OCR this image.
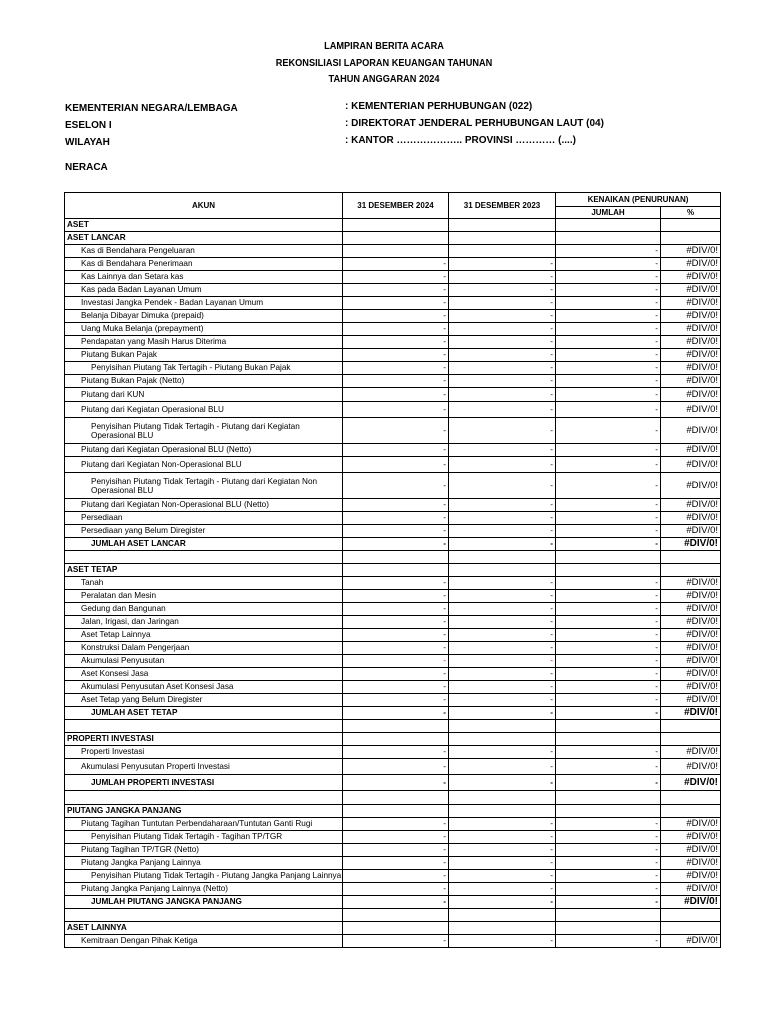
LAMPIRAN BERITA ACARA
REKONSILIASI LAPORAN KEUANGAN TAHUNAN
TAHUN ANGGARAN 2024
KEMENTERIAN NEGARA/LEMBAGA	: KEMENTERIAN PERHUBUNGAN (022)
ESELON I	: DIREKTORAT JENDERAL PERHUBUNGAN LAUT (04)
WILAYAH	: KANTOR ……………….. PROVINSI ………… (....)
NERACA
AKUN	31 DESEMBER 2024	31 DESEMBER 2023	KENAIKAN (PENURUNAN)	
			JUMLAH	%
ASET				
ASET LANCAR				
Kas di Bendahara Pengeluaran			-	#DIV/0!
Kas di Bendahara Penerimaan	-	-	-	#DIV/0!
Kas Lainnya dan Setara kas	-	-	-	#DIV/0!
Kas pada Badan Layanan Umum	-	-	-	#DIV/0!
Investasi Jangka Pendek - Badan Layanan Umum	-	-	-	#DIV/0!
Belanja Dibayar Dimuka (prepaid)	-	-	-	#DIV/0!
Uang Muka Belanja (prepayment)	-	-	-	#DIV/0!
Pendapatan yang Masih Harus Diterima	-	-	-	#DIV/0!
Piutang Bukan Pajak	-	-	-	#DIV/0!
Penyisihan Piutang Tak Tertagih - Piutang Bukan Pajak	-	-	-	#DIV/0!
Piutang Bukan Pajak (Netto)	-	-	-	#DIV/0!
Piutang dari KUN	-	-	-	#DIV/0!
Piutang dari Kegiatan Operasional BLU	-	-	-	#DIV/0!
Penyisihan Piutang Tidak Tertagih - Piutang dari Kegiatan Operasional BLU	-	-	-	#DIV/0!
Piutang dari Kegiatan Operasional BLU (Netto)	-	-	-	#DIV/0!
Piutang dari Kegiatan Non-Operasional BLU	-	-	-	#DIV/0!
Penyisihan Piutang Tidak Tertagih - Piutang dari Kegiatan Non Operasional BLU	-	-	-	#DIV/0!
Piutang dari Kegiatan Non-Operasional BLU (Netto)	-	-	-	#DIV/0!
Persediaan	-	-	-	#DIV/0!
Persediaan yang Belum Diregister	-	-	-	#DIV/0!
JUMLAH ASET LANCAR	-	-	-	#DIV/0!

ASET TETAP				
Tanah	-	-	-	#DIV/0!
Peralatan dan Mesin	-	-	-	#DIV/0!
Gedung dan Bangunan	-	-	-	#DIV/0!
Jalan, Irigasi, dan Jaringan	-	-	-	#DIV/0!
Aset Tetap Lainnya	-	-	-	#DIV/0!
Konstruksi Dalam Pengerjaan	-	-	-	#DIV/0!
Akumulasi Penyusutan	-	-	-	#DIV/0!
Aset Konsesi Jasa	-	-	-	#DIV/0!
Akumulasi Penyusutan Aset Konsesi Jasa	-	-	-	#DIV/0!
Aset Tetap yang Belum Diregister	-	-	-	#DIV/0!
JUMLAH ASET TETAP	-	-	-	#DIV/0!

PROPERTI INVESTASI				
Properti Investasi	-	-	-	#DIV/0!
Akumulasi Penyusutan Properti Investasi	-	-	-	#DIV/0!
JUMLAH PROPERTI INVESTASI	-	-	-	#DIV/0!

PIUTANG JANGKA PANJANG				
Piutang Tagihan Tuntutan Perbendaharaan/Tuntutan Ganti Rugi	-	-	-	#DIV/0!
Penyisihan Piutang Tidak Tertagih - Tagihan TP/TGR	-	-	-	#DIV/0!
Piutang Tagihan TP/TGR (Netto)	-	-	-	#DIV/0!
Piutang Jangka Panjang Lainnya	-	-	-	#DIV/0!
Penyisihan Piutang Tidak Tertagih - Piutang Jangka Panjang Lainnya	-	-	-	#DIV/0!
Piutang Jangka Panjang Lainnya (Netto)	-	-	-	#DIV/0!
JUMLAH PIUTANG JANGKA PANJANG	-	-	-	#DIV/0!

ASET LAINNYA				
Kemitraan Dengan Pihak Ketiga	-	-	-	#DIV/0!
